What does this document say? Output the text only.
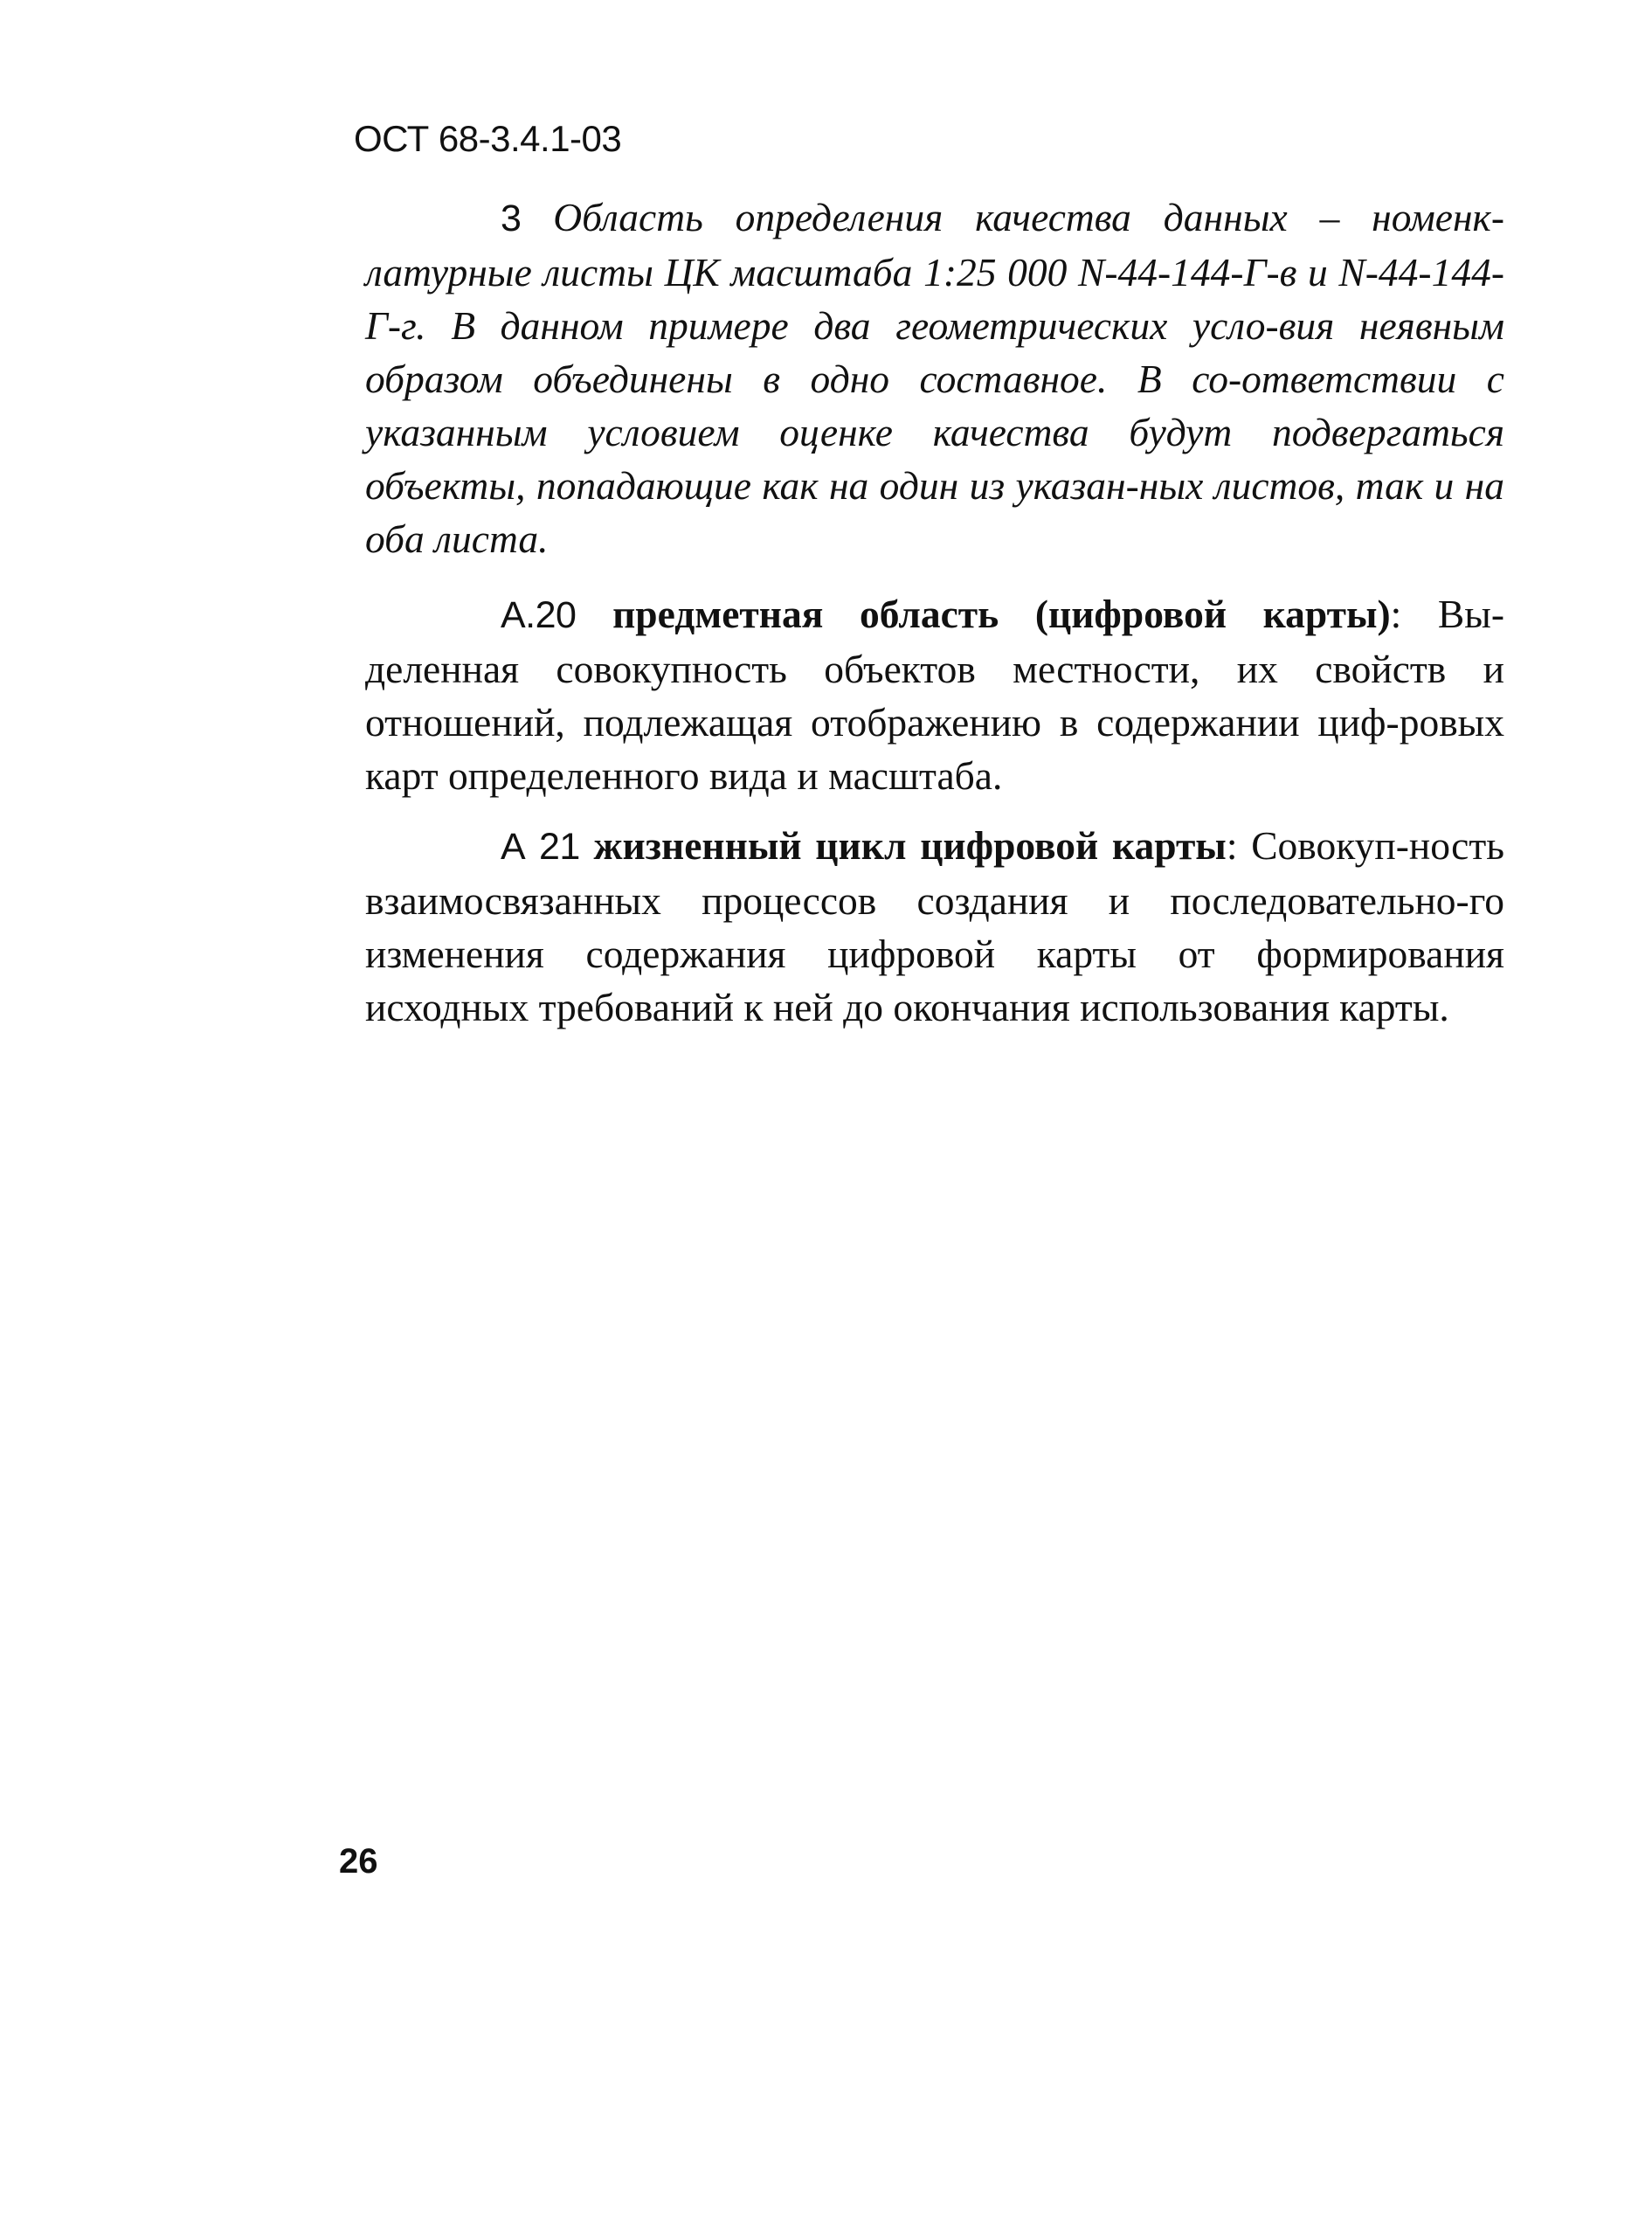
ОСТ 68-3.4.1-03
3 Область определения качества данных – номенк-латурные листы ЦК масштаба 1:25 000 N-44-144-Г-в и N-44-144-Г-г. В данном примере два геометрических усло-вия неявным образом объединены в одно составное. В со-ответствии с указанным условием оценке качества будут подвергаться объекты, попадающие как на один из указан-ных листов, так и на оба листа.
А.20 предметная область (цифровой карты): Вы-деленная совокупность объектов местности, их свойств и отношений, подлежащая отображению в содержании циф-ровых карт определенного вида и масштаба.
А 21 жизненный цикл цифровой карты: Совокуп-ность взаимосвязанных процессов создания и последовательно-го изменения содержания цифровой карты от формирования исходных требований к ней до окончания использования карты.
26
